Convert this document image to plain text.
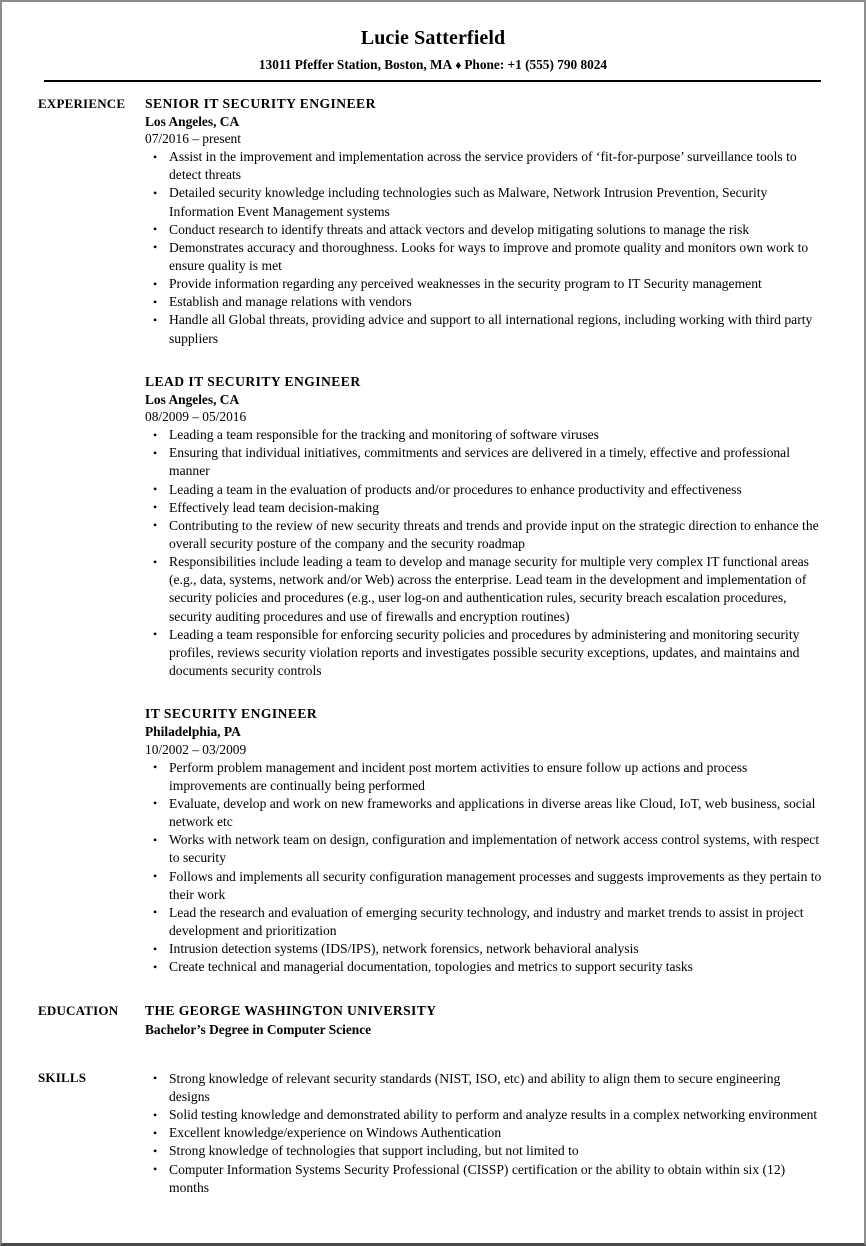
Lucie Satterfield
13011 Pfeffer Station, Boston, MA ♦ Phone: +1 (555) 790 8024
EXPERIENCE	SENIOR IT SECURITY ENGINEER
Los Angeles, CA
07/2016 – present
• Assist in the improvement and implementation across the service providers of ‘fit-for-purpose’ surveillance tools to detect threats
• Detailed security knowledge including technologies such as Malware, Network Intrusion Prevention, Security Information Event Management systems
• Conduct research to identify threats and attack vectors and develop mitigating solutions to manage the risk
• Demonstrates accuracy and thoroughness. Looks for ways to improve and promote quality and monitors own work to ensure quality is met
• Provide information regarding any perceived weaknesses in the security program to IT Security management
• Establish and manage relations with vendors
• Handle all Global threats, providing advice and support to all international regions, including working with third party suppliers
LEAD IT SECURITY ENGINEER
Los Angeles, CA
08/2009 – 05/2016
• Leading a team responsible for the tracking and monitoring of software viruses
• Ensuring that individual initiatives, commitments and services are delivered in a timely, effective and professional manner
• Leading a team in the evaluation of products and/or procedures to enhance productivity and effectiveness
• Effectively lead team decision-making
• Contributing to the review of new security threats and trends and provide input on the strategic direction to enhance the overall security posture of the company and the security roadmap
• Responsibilities include leading a team to develop and manage security for multiple very complex IT functional areas (e.g., data, systems, network and/or Web) across the enterprise. Lead team in the development and implementation of security policies and procedures (e.g., user log-on and authentication rules, security breach escalation procedures, security auditing procedures and use of firewalls and encryption routines)
• Leading a team responsible for enforcing security policies and procedures by administering and monitoring security profiles, reviews security violation reports and investigates possible security exceptions, updates, and maintains and documents security controls
IT SECURITY ENGINEER
Philadelphia, PA
10/2002 – 03/2009
• Perform problem management and incident post mortem activities to ensure follow up actions and process improvements are continually being performed
• Evaluate, develop and work on new frameworks and applications in diverse areas like Cloud, IoT, web business, social network etc
• Works with network team on design, configuration and implementation of network access control systems, with respect to security
• Follows and implements all security configuration management processes and suggests improvements as they pertain to their work
• Lead the research and evaluation of emerging security technology, and industry and market trends to assist in project development and prioritization
• Intrusion detection systems (IDS/IPS), network forensics, network behavioral analysis
• Create technical and managerial documentation, topologies and metrics to support security tasks
EDUCATION	THE GEORGE WASHINGTON UNIVERSITY
Bachelor’s Degree in Computer Science
SKILLS	• Strong knowledge of relevant security standards (NIST, ISO, etc) and ability to align them to secure engineering designs
• Solid testing knowledge and demonstrated ability to perform and analyze results in a complex networking environment
• Excellent knowledge/experience on Windows Authentication
• Strong knowledge of technologies that support including, but not limited to
• Computer Information Systems Security Professional (CISSP) certification or the ability to obtain within six (12) months
